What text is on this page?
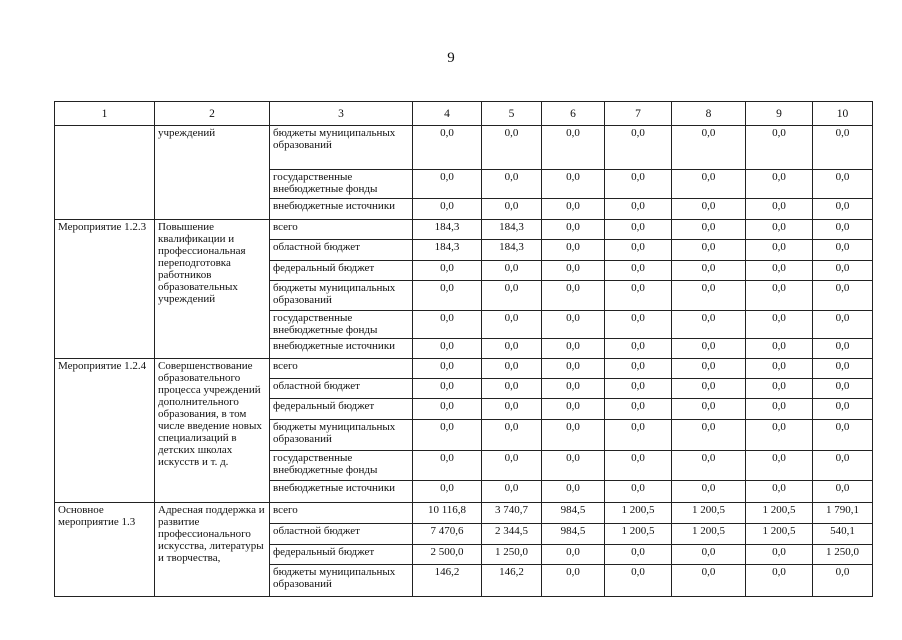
9
1	2	3	4	5	6	7	8	9	10
	учреждений	бюджеты муниципальных образований	0,0	0,0	0,0	0,0	0,0	0,0	0,0
		государственные внебюджетные фонды	0,0	0,0	0,0	0,0	0,0	0,0	0,0
		внебюджетные источники	0,0	0,0	0,0	0,0	0,0	0,0	0,0
Мероприятие 1.2.3	Повышение квалификации и профессиональная переподготовка работников образовательных учреждений	всего	184,3	184,3	0,0	0,0	0,0	0,0	0,0
		областной бюджет	184,3	184,3	0,0	0,0	0,0	0,0	0,0
		федеральный бюджет	0,0	0,0	0,0	0,0	0,0	0,0	0,0
		бюджеты муниципальных образований	0,0	0,0	0,0	0,0	0,0	0,0	0,0
		государственные внебюджетные фонды	0,0	0,0	0,0	0,0	0,0	0,0	0,0
		внебюджетные источники	0,0	0,0	0,0	0,0	0,0	0,0	0,0
Мероприятие 1.2.4	Совершенствование образовательного процесса учреждений дополнительного образования, в том числе введение новых специализаций в детских школах искусств и т. д.	всего	0,0	0,0	0,0	0,0	0,0	0,0	0,0
		областной бюджет	0,0	0,0	0,0	0,0	0,0	0,0	0,0
		федеральный бюджет	0,0	0,0	0,0	0,0	0,0	0,0	0,0
		бюджеты муниципальных образований	0,0	0,0	0,0	0,0	0,0	0,0	0,0
		государственные внебюджетные фонды	0,0	0,0	0,0	0,0	0,0	0,0	0,0
		внебюджетные источники	0,0	0,0	0,0	0,0	0,0	0,0	0,0
Основное мероприятие 1.3	Адресная поддержка и развитие профессионального искусства, литературы и творчества,	всего	10 116,8	3 740,7	984,5	1 200,5	1 200,5	1 200,5	1 790,1
		областной бюджет	7 470,6	2 344,5	984,5	1 200,5	1 200,5	1 200,5	540,1
		федеральный бюджет	2 500,0	1 250,0	0,0	0,0	0,0	0,0	1 250,0
		бюджеты муниципальных образований	146,2	146,2	0,0	0,0	0,0	0,0	0,0
